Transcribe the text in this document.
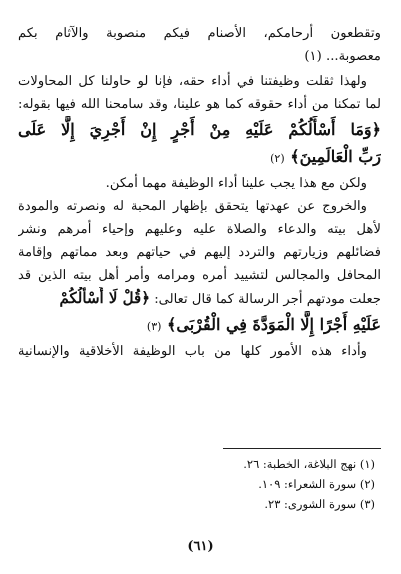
وتقطعون أرحامكم، الأصنام فيكم منصوبة والآثام بكم
معصوبة... (١)
ولهذا ثقلت وظيفتنا في أداء حقه، فإنا لو حاولنا كل المحاولات
لما تمكنا من أداء حقوقه كما هو علينا، وقد سامحنا الله فيها بقوله:
﴿وَمَا أَسْأَلُكُمْ عَلَيْهِ مِنْ أَجْرٍ إِنْ أَجْرِيَ إِلَّا عَلَى
رَبِّ الْعَالَمِينَ﴾ (٢)
ولكن مع هذا يجب علينا أداء الوظيفة مهما أمكن.
والخروج عن عهدتها يتحقق بإظهار المحبة له ونصرته والمودة
لأهل بيته والدعاء والصلاة عليه وعليهم وإحياء أمرهم ونشر
فضائلهم وزيارتهم والتردد إليهم في حياتهم وبعد مماتهم وإقامة
المحافل والمجالس لتشييد أمره ومرامه وأمر أهل بيته الذين قد
جعلت مودتهم أجر الرسالة كما قال تعالى: ﴿قُلْ لَا أَسْأَلُكُمْ
عَلَيْهِ أَجْرًا إِلَّا الْمَوَدَّةَ فِي الْقُرْبَى﴾ (٣)
وأداء هذه الأمور كلها من باب الوظيفة الأخلاقية والإنسانية
(١) نهج البلاغة، الخطبة: ٢٦.
(٢) سورة الشعراء: ١٠٩.
(٣) سورة الشورى: ٢٣.
(٦١)
